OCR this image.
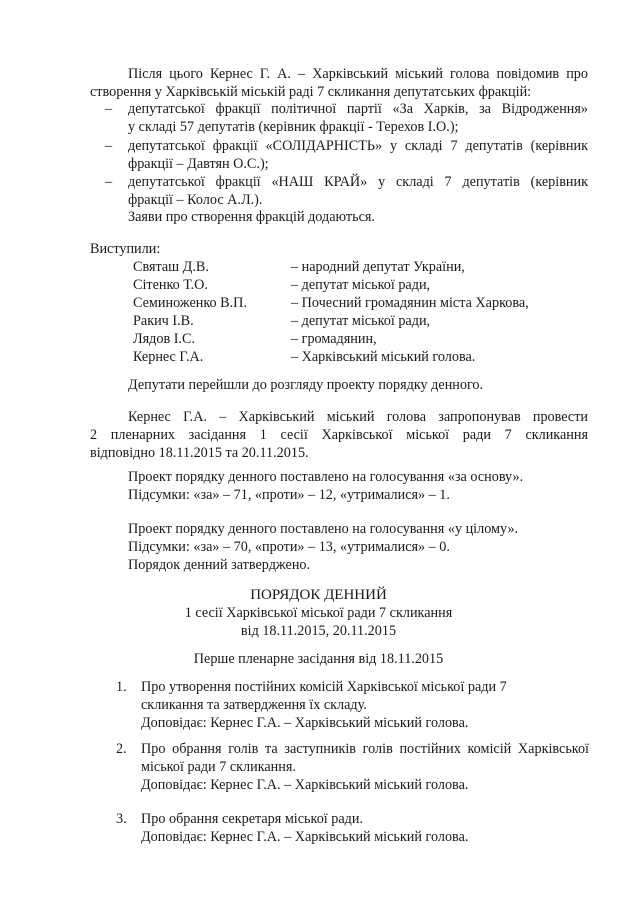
Після цього Кернес Г. А. – Харківський міський голова повідомив про
створення у Харківській міській раді 7 скликання депутатських фракцій:
– депутатської фракції політичної партії «За Харків, за Відродження»
у складі 57 депутатів (керівник фракції - Терехов І.О.);
– депутатської фракції «СОЛІДАРНІСТЬ» у складі 7 депутатів (керівник
фракції – Давтян О.С.);
– депутатської фракції «НАШ КРАЙ» у складі 7 депутатів (керівник
фракції – Колос А.Л.).
Заяви про створення фракцій додаються.
Виступили:
Святаш Д.В.	– народний депутат України,
Сітенко Т.О.	– депутат міської ради,
Семиноженко В.П.	– Почесний громадянин міста Харкова,
Ракич І.В.	– депутат міської ради,
Лядов І.С.	– громадянин,
Кернес Г.А.	– Харківський міський голова.
Депутати перейшли до розгляду проекту порядку денного.
Кернес Г.А. – Харківський міський голова запропонував провести
2 пленарних засідання 1 сесії Харківської міської ради 7 скликання
відповідно 18.11.2015 та 20.11.2015.
Проект порядку денного поставлено на голосування «за основу».
Підсумки: «за» – 71, «проти» – 12, «утрималися» – 1.
Проект порядку денного поставлено на голосування «у цілому».
Підсумки: «за» – 70, «проти» – 13, «утрималися» – 0.
Порядок денний затверджено.
ПОРЯДОК ДЕННИЙ
1 сесії Харківської міської ради 7 скликання
від 18.11.2015, 20.11.2015
Перше пленарне засідання від 18.11.2015
1. Про утворення постійних комісій Харківської міської ради 7
скликання та затвердження їх складу.
Доповідає: Кернес Г.А. – Харківський міський голова.
2. Про обрання голів та заступників голів постійних комісій Харківської
міської ради 7 скликання.
Доповідає: Кернес Г.А. – Харківський міський голова.
3. Про обрання секретаря міської ради.
Доповідає: Кернес Г.А. – Харківський міський голова.
